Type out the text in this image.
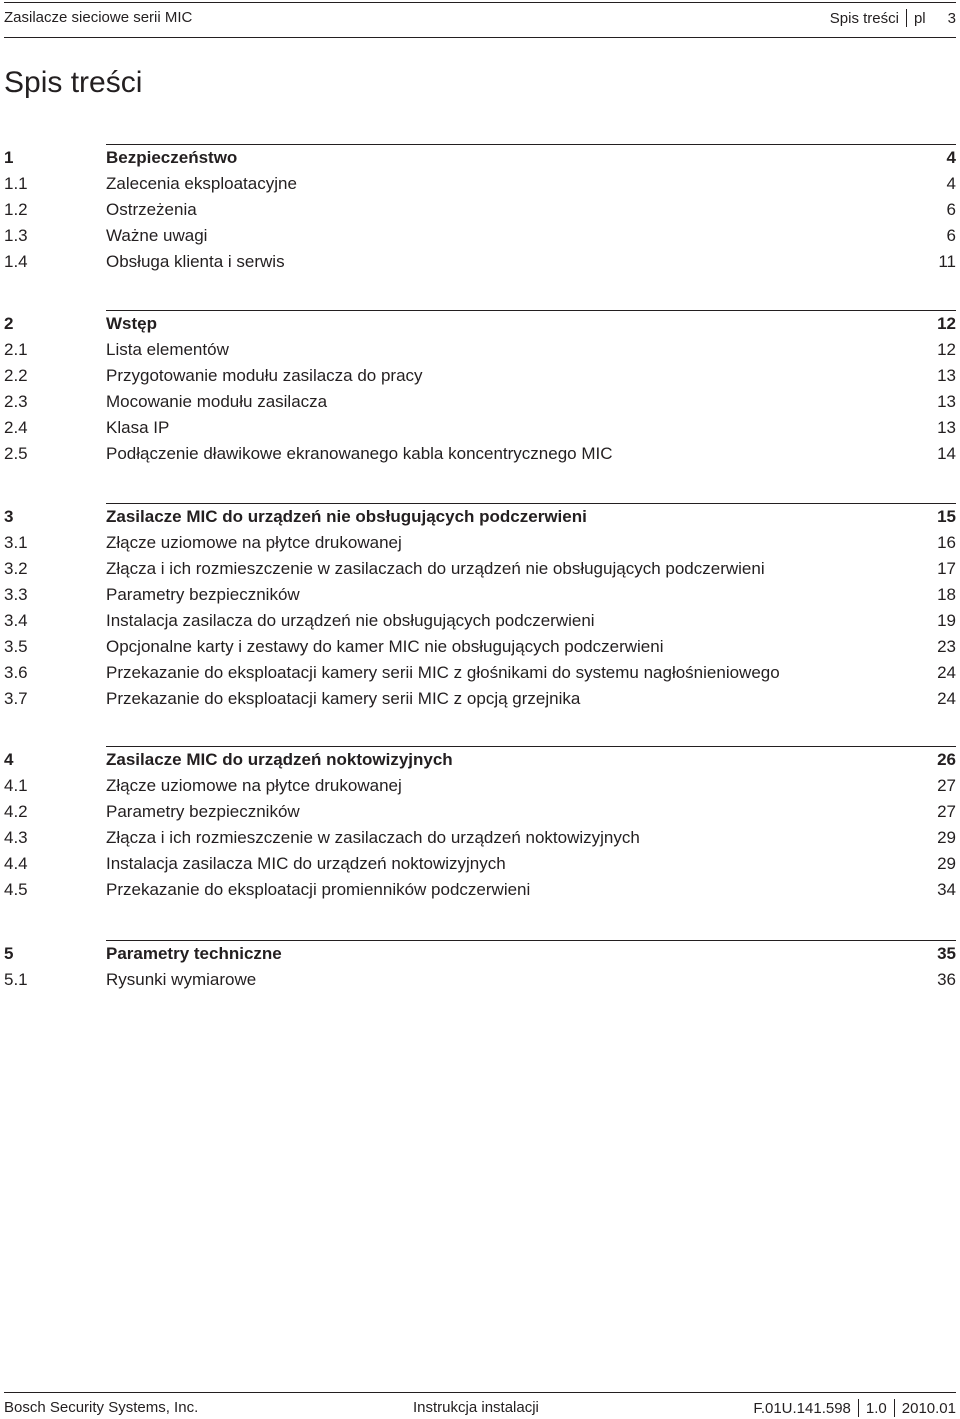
Zasilacze sieciowe serii MIC	Spis treści pl 3
Spis treści
1	Bezpieczeństwo	4
1.1	Zalecenia eksploatacyjne	4
1.2	Ostrzeżenia	6
1.3	Ważne uwagi	6
1.4	Obsługa klienta i serwis	11
2	Wstęp	12
2.1	Lista elementów	12
2.2	Przygotowanie modułu zasilacza do pracy	13
2.3	Mocowanie modułu zasilacza	13
2.4	Klasa IP	13
2.5	Podłączenie dławikowe ekranowanego kabla koncentrycznego MIC	14
3	Zasilacze MIC do urządzeń nie obsługujących podczerwieni	15
3.1	Złącze uziomowe na płytce drukowanej	16
3.2	Złącza i ich rozmieszczenie w zasilaczach do urządzeń nie obsługujących podczerwieni	17
3.3	Parametry bezpieczników	18
3.4	Instalacja zasilacza do urządzeń nie obsługujących podczerwieni	19
3.5	Opcjonalne karty i zestawy do kamer MIC nie obsługujących podczerwieni	23
3.6	Przekazanie do eksploatacji kamery serii MIC z głośnikami do systemu nagłośnieniowego	24
3.7	Przekazanie do eksploatacji kamery serii MIC z opcją grzejnika	24
4	Zasilacze MIC do urządzeń noktowizyjnych	26
4.1	Złącze uziomowe na płytce drukowanej	27
4.2	Parametry bezpieczników	27
4.3	Złącza i ich rozmieszczenie w zasilaczach do urządzeń noktowizyjnych	29
4.4	Instalacja zasilacza MIC do urządzeń noktowizyjnych	29
4.5	Przekazanie do eksploatacji promienników podczerwieni	34
5	Parametry techniczne	35
5.1	Rysunki wymiarowe	36
Bosch Security Systems, Inc.	Instrukcja instalacji	F.01U.141.598 1.0 2010.01
